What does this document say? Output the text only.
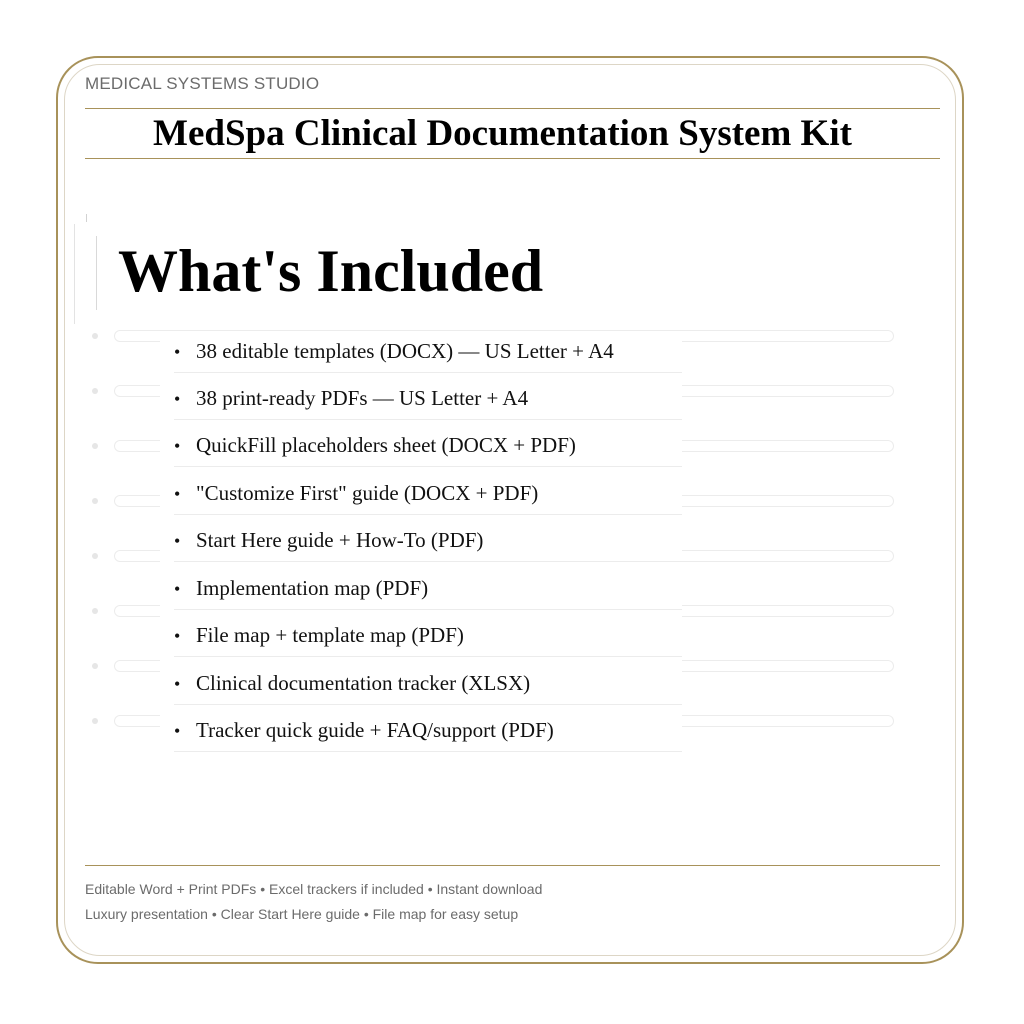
MEDICAL SYSTEMS STUDIO
MedSpa Clinical Documentation System Kit
What's Included
• 38 editable templates (DOCX) — US Letter + A4
• 38 print-ready PDFs — US Letter + A4
• QuickFill placeholders sheet (DOCX + PDF)
• "Customize First" guide (DOCX + PDF)
• Start Here guide + How-To (PDF)
• Implementation map (PDF)
• File map + template map (PDF)
• Clinical documentation tracker (XLSX)
• Tracker quick guide + FAQ/support (PDF)
Editable Word + Print PDFs • Excel trackers if included • Instant download
Luxury presentation • Clear Start Here guide • File map for easy setup
